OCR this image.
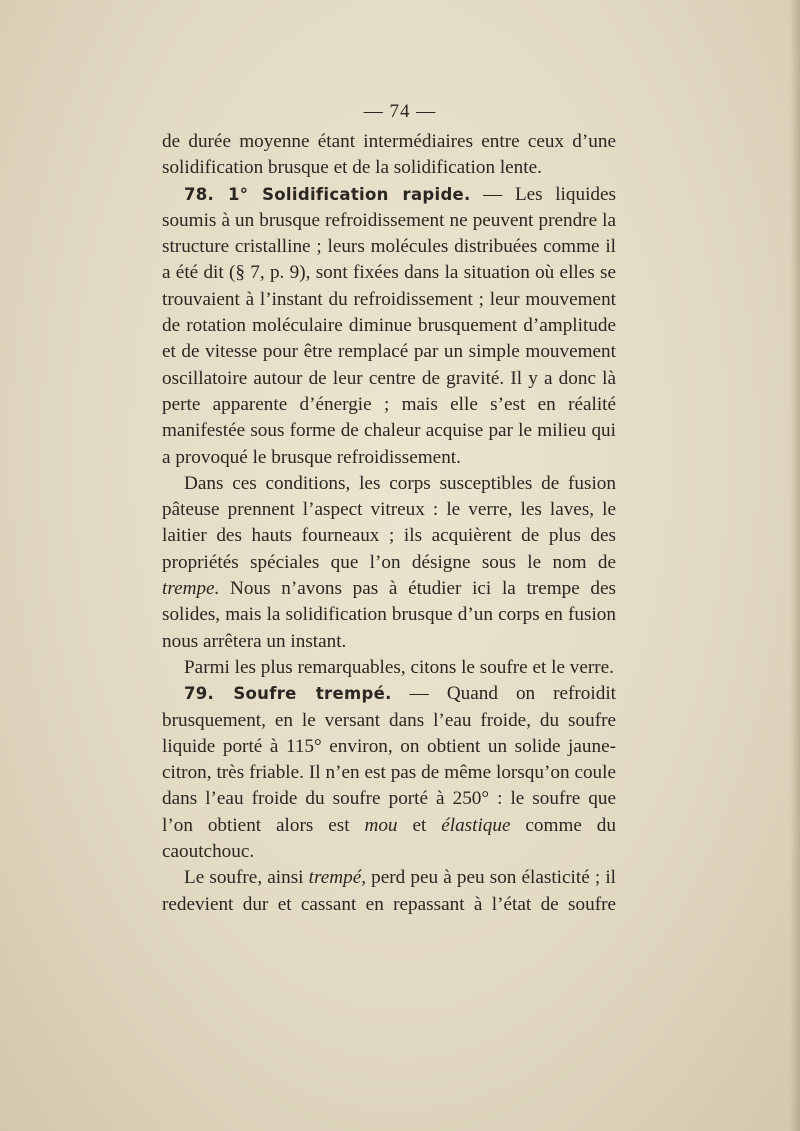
— 74 —

de durée moyenne étant intermédiaires entre ceux d’une solidification brusque et de la solidification lente.

78. 1° Solidification rapide. — Les liquides soumis à un brusque refroidissement ne peuvent prendre la structure cristalline ; leurs molécules distribuées comme il a été dit (§ 7, p. 9), sont fixées dans la situation où elles se trouvaient à l’instant du refroidissement ; leur mouvement de rotation moléculaire diminue brusquement d’amplitude et de vitesse pour être remplacé par un simple mouvement oscillatoire autour de leur centre de gravité. Il y a donc là perte apparente d’énergie ; mais elle s’est en réalité manifestée sous forme de chaleur acquise par le milieu qui a provoqué le brusque refroidissement.

Dans ces conditions, les corps susceptibles de fusion pâteuse prennent l’aspect vitreux : le verre, les laves, le laitier des hauts fourneaux ; ils acquièrent de plus des propriétés spéciales que l’on désigne sous le nom de trempe. Nous n’avons pas à étudier ici la trempe des solides, mais la solidification brusque d’un corps en fusion nous arrêtera un instant.

Parmi les plus remarquables, citons le soufre et le verre.

79. Soufre trempé. — Quand on refroidit brusquement, en le versant dans l’eau froide, du soufre liquide porté à 115° environ, on obtient un solide jaune-citron, très friable. Il n’en est pas de même lorsqu’on coule dans l’eau froide du soufre porté à 250° : le soufre que l’on obtient alors est mou et élastique comme du caoutchouc.

Le soufre, ainsi trempé, perd peu à peu son élasticité ; il redevient dur et cassant en repassant à l’état de soufre
